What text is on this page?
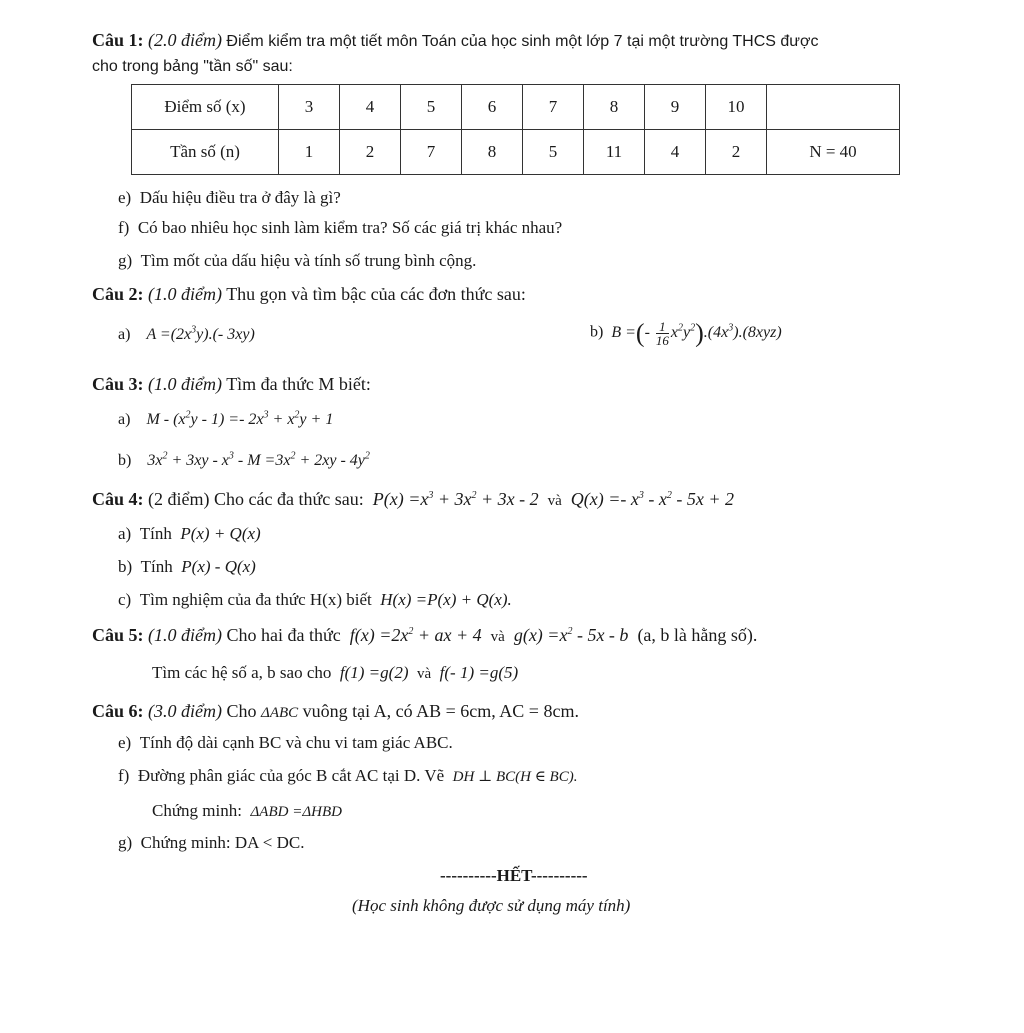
Câu 1: (2.0 điểm) Điểm kiểm tra một tiết môn Toán của học sinh một lớp 7 tại một trường THCS được
cho trong bảng "tần số" sau:
Điểm số (x)	3	4	5	6	7	8	9	10	
Tần số (n)	1	2	7	8	5	11	4	2	N = 40
e) Dấu hiệu điều tra ở đây là gì?
f) Có bao nhiêu học sinh làm kiểm tra? Số các giá trị khác nhau?
g) Tìm mốt của dấu hiệu và tính số trung bình cộng.
Câu 2: (1.0 điểm) Thu gọn và tìm bậc của các đơn thức sau:
a) $A =(2x^3y).(-$ 3xy)	b) B =(- $\frac{1}{16} x^2y^2).(4x^3).(8xyz)$
Câu 3: (1.0 điểm) Tìm đa thức M biết:
a) $M - (x^2y - 1) =- 2x^3 + x^2y + 1$
b) $3x^2 + 3xy - x^3 - M =3x^2 + 2xy - 4y^2$
Câu 4: (2 điểm) Cho các đa thức sau: $P(x) =x^3 + 3x^2 + 3x - 2$ và $Q(x) =- x^3 - x^2 - 5x + 2$
a) Tính P(x) + Q(x)
b) Tính P(x) - Q(x)
c) Tìm nghiệm của đa thức H(x) biết H(x) =P(x) + Q(x).
Câu 5: (1.0 điểm) Cho hai đa thức $f(x) =2x^2$ + ax + 4 và $g(x) =x^2 - 5x - b$ (a, b là hằng số).
Tìm các hệ số a, b sao cho f(1) =g(2) và f(- 1) =g(5)
Câu 6: (3.0 điểm) Cho ΔABC vuông tại A, có AB = 6cm, AC = 8cm.
e) Tính độ dài cạnh BC và chu vi tam giác ABC.
f) Đường phân giác của góc B cắt AC tại D. Vẽ DH ⊥ BC(H ∈ BC).
Chứng minh: ΔABD =ΔHBD
g) Chứng minh: DA < DC.
----------HẾT----------
(Học sinh không được sử dụng máy tính)
